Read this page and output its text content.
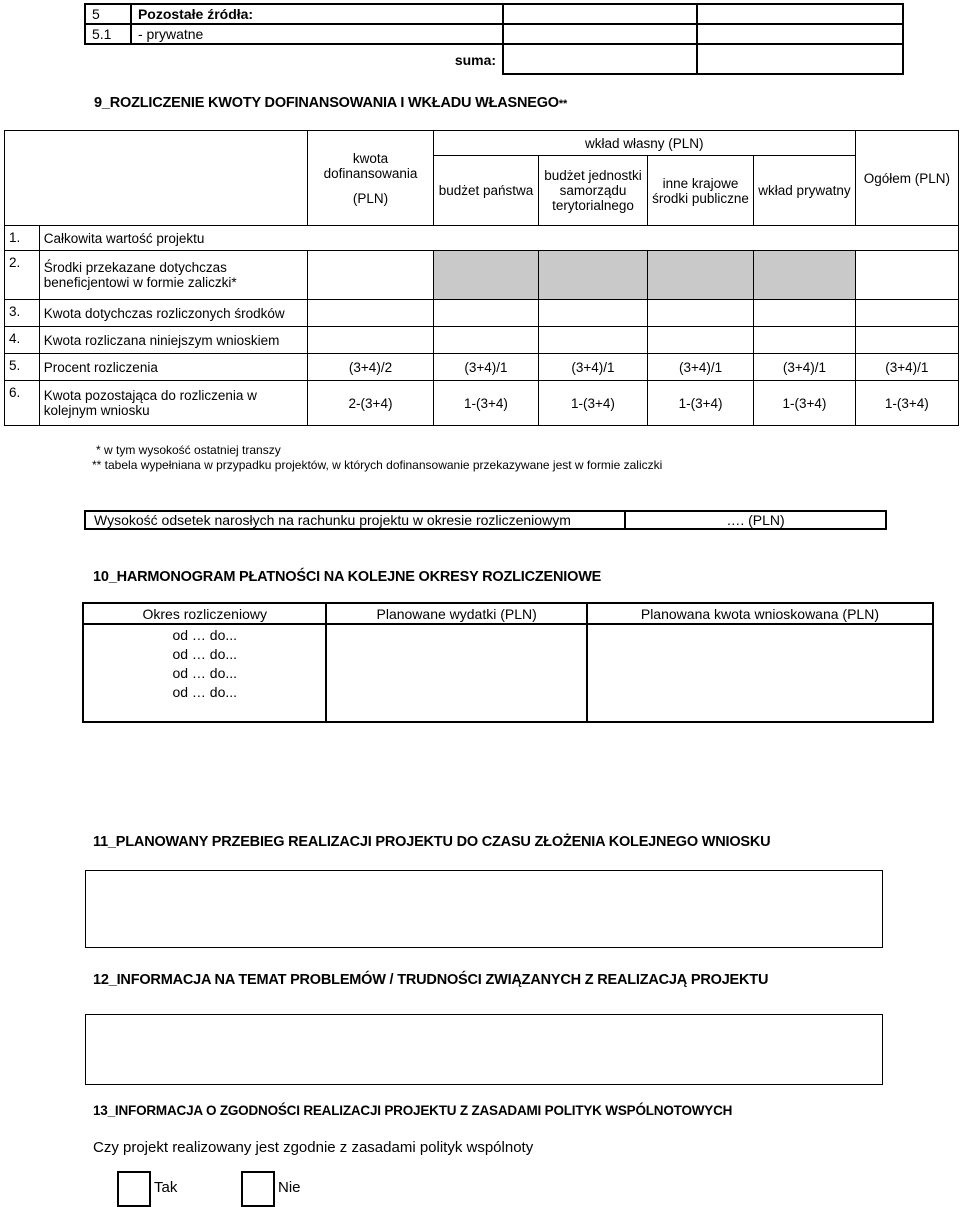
5	Pozostałe źródła:		
5.1	- prywatne		
	suma:		
9_ROZLICZENIE KWOTY DOFINANSOWANIA I WKŁADU WŁASNEGO**

		kwota
dofinansowania
(PLN)	wkład własny (PLN)				Ogółem (PLN)
			budżet państwa	budżet jednostki samorządu terytorialnego	inne krajowe środki publiczne	wkład prywatny	
1.	Całkowita wartość projektu						
2.	Środki przekazane dotychczas beneficjentowi w formie zaliczki*						
3.	Kwota dotychczas rozliczonych środków						
4.	Kwota rozliczana niniejszym wnioskiem						
5.	Procent rozliczenia	(3+4)/2	(3+4)/1	(3+4)/1	(3+4)/1	(3+4)/1	(3+4)/1
6.	Kwota pozostająca do rozliczenia w kolejnym wniosku	2-(3+4)	1-(3+4)	1-(3+4)	1-(3+4)	1-(3+4)	1-(3+4)
* w tym wysokość ostatniej transzy
** tabela wypełniana w przypadku projektów, w których dofinansowanie przekazywane jest w formie zaliczki
Wysokość odsetek narosłych na rachunku projektu w okresie rozliczeniowym	…. (PLN)
10_HARMONOGRAM PŁATNOŚCI NA KOLEJNE OKRESY ROZLICZENIOWE
Okres rozliczeniowy	Planowane wydatki (PLN)	Planowana kwota wnioskowana (PLN)
od … do...		
od … do...		
od … do...		
od … do...		

11_PLANOWANY PRZEBIEG REALIZACJI PROJEKTU DO CZASU ZŁOŻENIA KOLEJNEGO WNIOSKU
12_INFORMACJA NA TEMAT PROBLEMÓW / TRUDNOŚCI ZWIĄZANYCH Z REALIZACJĄ PROJEKTU
13_INFORMACJA O ZGODNOŚCI REALIZACJI PROJEKTU Z ZASADAMI POLITYK WSPÓLNOTOWYCH
Czy projekt realizowany jest zgodnie z zasadami polityk wspólnoty
Tak	Nie
